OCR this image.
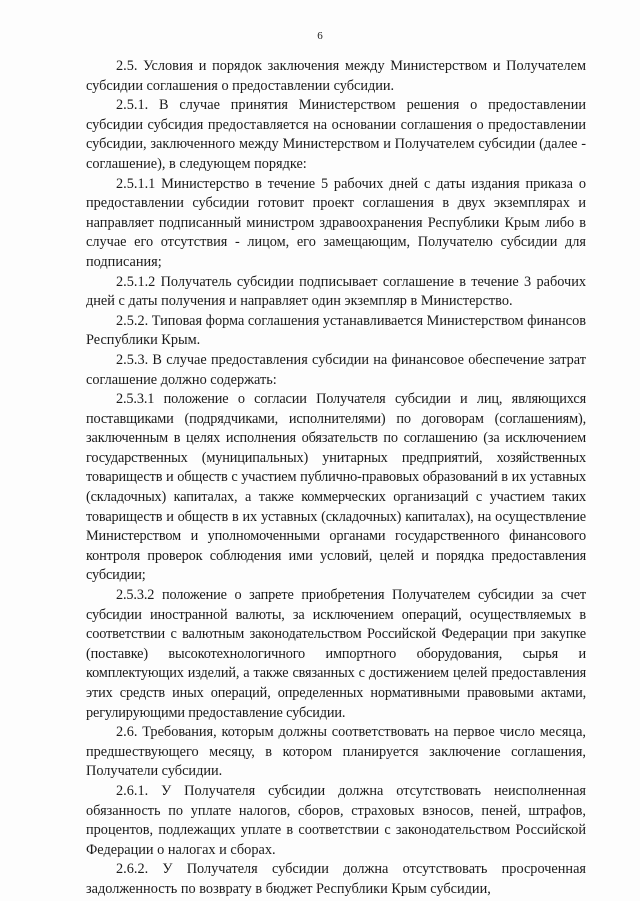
6

2.5. Условия и порядок заключения между Министерством и Получателем субсидии соглашения о предоставлении субсидии.

2.5.1. В случае принятия Министерством решения о предоставлении субсидии субсидия предоставляется на основании соглашения о предоставлении субсидии, заключенного между Министерством и Получателем субсидии (далее - соглашение), в следующем порядке:

2.5.1.1 Министерство в течение 5 рабочих дней с даты издания приказа о предоставлении субсидии готовит проект соглашения в двух экземплярах и направляет подписанный министром здравоохранения Республики Крым либо в случае его отсутствия - лицом, его замещающим, Получателю субсидии для подписания;

2.5.1.2 Получатель субсидии подписывает соглашение в течение 3 рабочих дней с даты получения и направляет один экземпляр в Министерство.

2.5.2. Типовая форма соглашения устанавливается Министерством финансов Республики Крым.

2.5.3. В случае предоставления субсидии на финансовое обеспечение затрат соглашение должно содержать:

2.5.3.1 положение о согласии Получателя субсидии и лиц, являющихся поставщиками (подрядчиками, исполнителями) по договорам (соглашениям), заключенным в целях исполнения обязательств по соглашению (за исключением государственных (муниципальных) унитарных предприятий, хозяйственных товариществ и обществ с участием публично-правовых образований в их уставных (складочных) капиталах, а также коммерческих организаций с участием таких товариществ и обществ в их уставных (складочных) капиталах), на осуществление Министерством и уполномоченными органами государственного финансового контроля проверок соблюдения ими условий, целей и порядка предоставления субсидии;

2.5.3.2 положение о запрете приобретения Получателем субсидии за счет субсидии иностранной валюты, за исключением операций, осуществляемых в соответствии с валютным законодательством Российской Федерации при закупке (поставке) высокотехнологичного импортного оборудования, сырья и комплектующих изделий, а также связанных с достижением целей предоставления этих средств иных операций, определенных нормативными правовыми актами, регулирующими предоставление субсидии.

2.6. Требования, которым должны соответствовать на первое число месяца, предшествующего месяцу, в котором планируется заключение соглашения, Получатели субсидии.

2.6.1. У Получателя субсидии должна отсутствовать неисполненная обязанность по уплате налогов, сборов, страховых взносов, пеней, штрафов, процентов, подлежащих уплате в соответствии с законодательством Российской Федерации о налогах и сборах.

2.6.2. У Получателя субсидии должна отсутствовать просроченная задолженность по возврату в бюджет Республики Крым субсидии,
